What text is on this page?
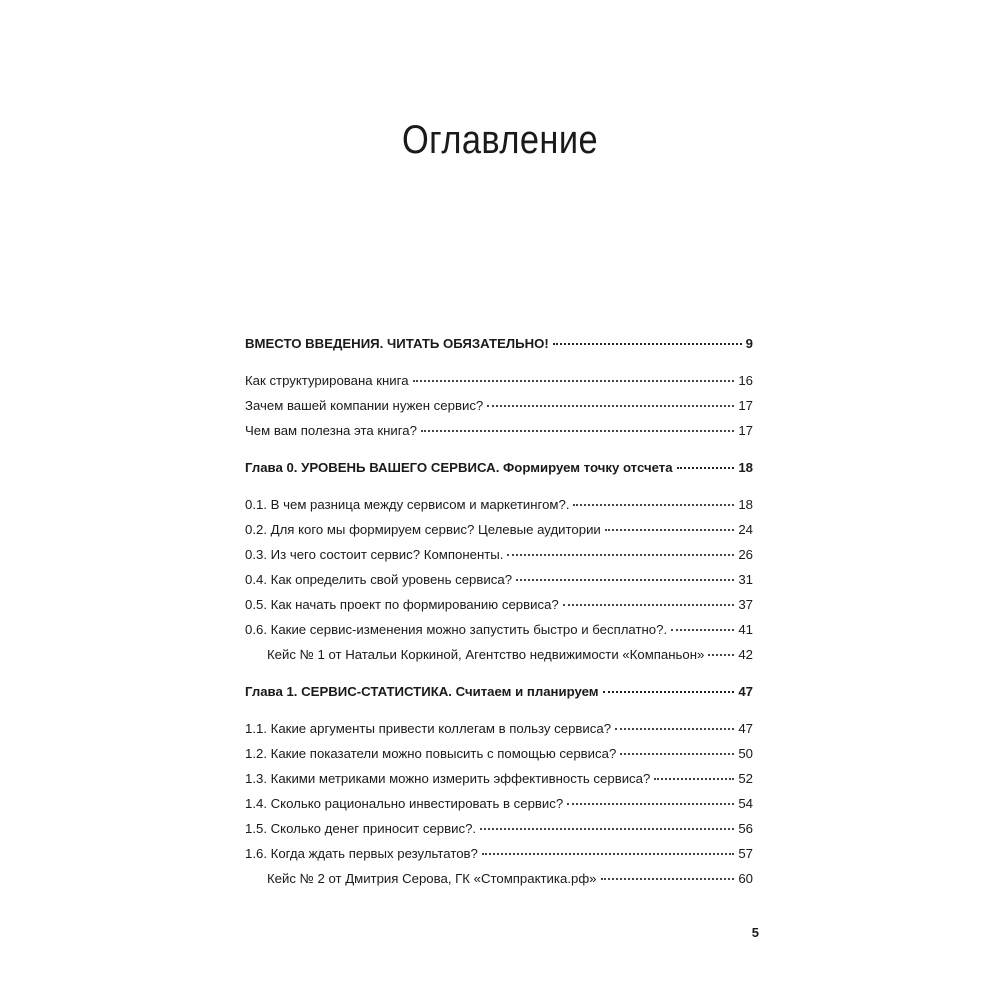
Оглавление
ВМЕСТО ВВЕДЕНИЯ. ЧИТАТЬ ОБЯЗАТЕЛЬНО!	9
Как структурирована книга	16
Зачем вашей компании нужен сервис?	17
Чем вам полезна эта книга?	17
Глава 0. УРОВЕНЬ ВАШЕГО СЕРВИСА. Формируем точку отсчета	18
0.1. В чем разница между сервисом и маркетингом?.	18
0.2. Для кого мы формируем сервис? Целевые аудитории	24
0.3. Из чего состоит сервис? Компоненты.	26
0.4. Как определить свой уровень сервиса?	31
0.5. Как начать проект по формированию сервиса?	37
0.6. Какие сервис-изменения можно запустить быстро и бесплатно?.	41
Кейс № 1 от Натальи Коркиной, Агентство недвижимости «Компаньон»	42
Глава 1. СЕРВИС-СТАТИСТИКА. Считаем и планируем	47
1.1. Какие аргументы привести коллегам в пользу сервиса?	47
1.2. Какие показатели можно повысить с помощью сервиса?	50
1.3. Какими метриками можно измерить эффективность сервиса?	52
1.4. Сколько рационально инвестировать в сервис?	54
1.5. Сколько денег приносит сервис?.	56
1.6. Когда ждать первых результатов?	57
Кейс № 2 от Дмитрия Серова, ГК «Стомпрактика.рф»	60
5
